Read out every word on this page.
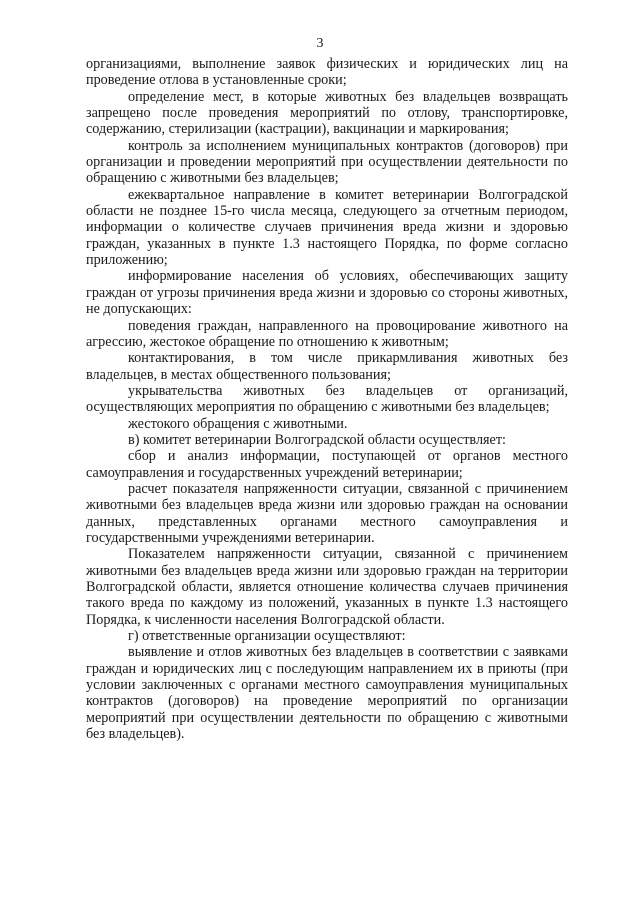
3

организациями, выполнение заявок физических и юридических лиц на проведение отлова в установленные сроки;

определение мест, в которые животных без владельцев возвращать запрещено после проведения мероприятий по отлову, транспортировке, содержанию, стерилизации (кастрации), вакцинации и маркирования;

контроль за исполнением муниципальных контрактов (договоров) при организации и проведении мероприятий при осуществлении деятельности по обращению с животными без владельцев;

ежеквартальное направление в комитет ветеринарии Волгоградской области не позднее 15-го числа месяца, следующего за отчетным периодом, информации о количестве случаев причинения вреда жизни и здоровью граждан, указанных в пункте 1.3 настоящего Порядка, по форме согласно приложению;

информирование населения об условиях, обеспечивающих защиту граждан от угрозы причинения вреда жизни и здоровью со стороны животных, не допускающих:

поведения граждан, направленного на провоцирование животного на агрессию, жестокое обращение по отношению к животным;

контактирования, в том числе прикармливания животных без владельцев, в местах общественного пользования;

укрывательства животных без владельцев от организаций, осуществляющих мероприятия по обращению с животными без владельцев;

жестокого обращения с животными.

в) комитет ветеринарии Волгоградской области осуществляет:

сбор и анализ информации, поступающей от органов местного самоуправления и государственных учреждений ветеринарии;

расчет показателя напряженности ситуации, связанной с причинением животными без владельцев вреда жизни или здоровью граждан на основании данных, представленных органами местного самоуправления и государственными учреждениями ветеринарии.

Показателем напряженности ситуации, связанной с причинением животными без владельцев вреда жизни или здоровью граждан на территории Волгоградской области, является отношение количества случаев причинения такого вреда по каждому из положений, указанных в пункте 1.3 настоящего Порядка, к численности населения Волгоградской области.

г) ответственные организации осуществляют:

выявление и отлов животных без владельцев в соответствии с заявками граждан и юридических лиц с последующим направлением их в приюты (при условии заключенных с органами местного самоуправления муниципальных контрактов (договоров) на проведение мероприятий по организации мероприятий при осуществлении деятельности по обращению с животными без владельцев).
